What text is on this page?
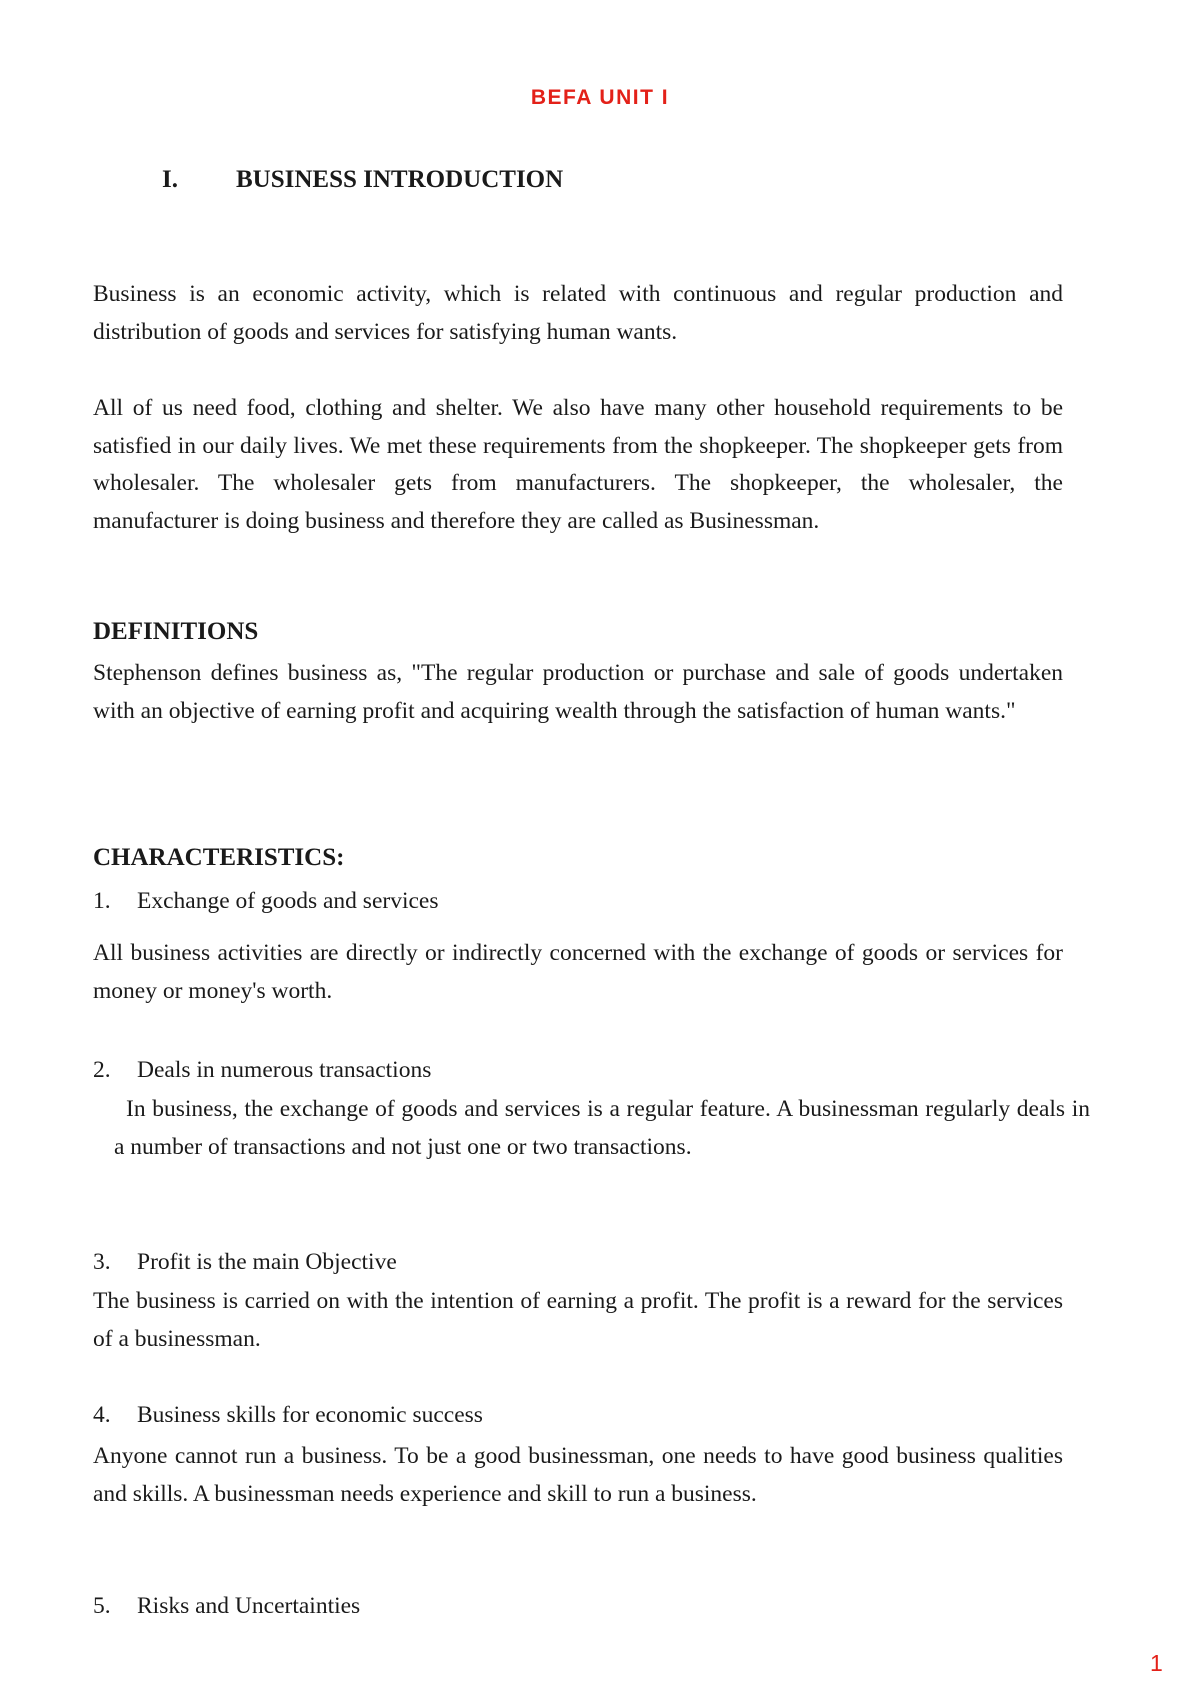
BEFA UNIT I
I. BUSINESS INTRODUCTION

Business is an economic activity, which is related with continuous and regular production and distribution of goods and services for satisfying human wants.

All of us need food, clothing and shelter. We also have many other household requirements to be satisfied in our daily lives. We met these requirements from the shopkeeper. The shopkeeper gets from wholesaler. The wholesaler gets from manufacturers. The shopkeeper, the wholesaler, the manufacturer is doing business and therefore they are called as Businessman.

DEFINITIONS

Stephenson defines business as, "The regular production or purchase and sale of goods undertaken with an objective of earning profit and acquiring wealth through the satisfaction of human wants."

CHARACTERISTICS:
1. Exchange of goods and services

All business activities are directly or indirectly concerned with the exchange of goods or services for money or money's worth.

2. Deals in numerous transactions

In business, the exchange of goods and services is a regular feature. A businessman regularly deals in a number of transactions and not just one or two transactions.

3. Profit is the main Objective

The business is carried on with the intention of earning a profit. The profit is a reward for the services of a businessman.

4. Business skills for economic success

Anyone cannot run a business. To be a good businessman, one needs to have good business qualities and skills. A businessman needs experience and skill to run a business.

5. Risks and Uncertainties
1
